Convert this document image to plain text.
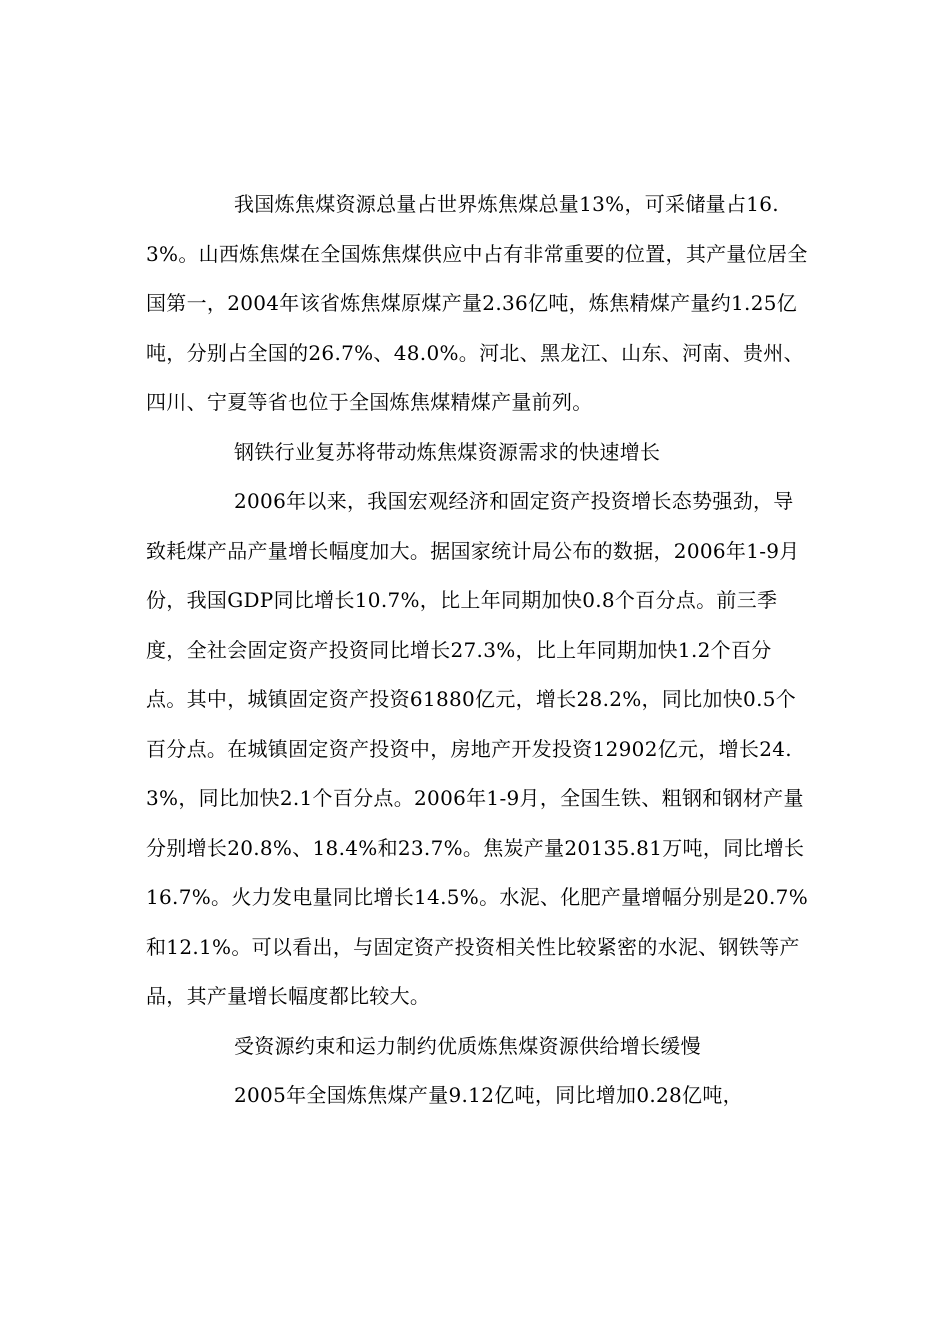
我国炼焦煤资源总量占世界炼焦煤总量13%，可采储量占16.3%。山西炼焦煤在全国炼焦煤供应中占有非常重要的位置，其产量位居全国第一，2004年该省炼焦煤原煤产量2.36亿吨，炼焦精煤产量约1.25亿吨，分别占全国的26.7%、48.0%。河北、黑龙江、山东、河南、贵州、四川、宁夏等省也位于全国炼焦煤精煤产量前列。

钢铁行业复苏将带动炼焦煤资源需求的快速增长

2006年以来，我国宏观经济和固定资产投资增长态势强劲，导致耗煤产品产量增长幅度加大。据国家统计局公布的数据，2006年1-9月份，我国GDP同比增长10.7%，比上年同期加快0.8个百分点。前三季度，全社会固定资产投资同比增长27.3%，比上年同期加快1.2个百分点。其中，城镇固定资产投资61880亿元，增长28.2%，同比加快0.5个百分点。在城镇固定资产投资中，房地产开发投资12902亿元，增长24.3%，同比加快2.1个百分点。2006年1-9月，全国生铁、粗钢和钢材产量分别增长20.8%、18.4%和23.7%。焦炭产量20135.81万吨，同比增长16.7%。火力发电量同比增长14.5%。水泥、化肥产量增幅分别是20.7%和12.1%。可以看出，与固定资产投资相关性比较紧密的水泥、钢铁等产品，其产量增长幅度都比较大。

受资源约束和运力制约优质炼焦煤资源供给增长缓慢

2005年全国炼焦煤产量9.12亿吨，同比增加0.28亿吨，
